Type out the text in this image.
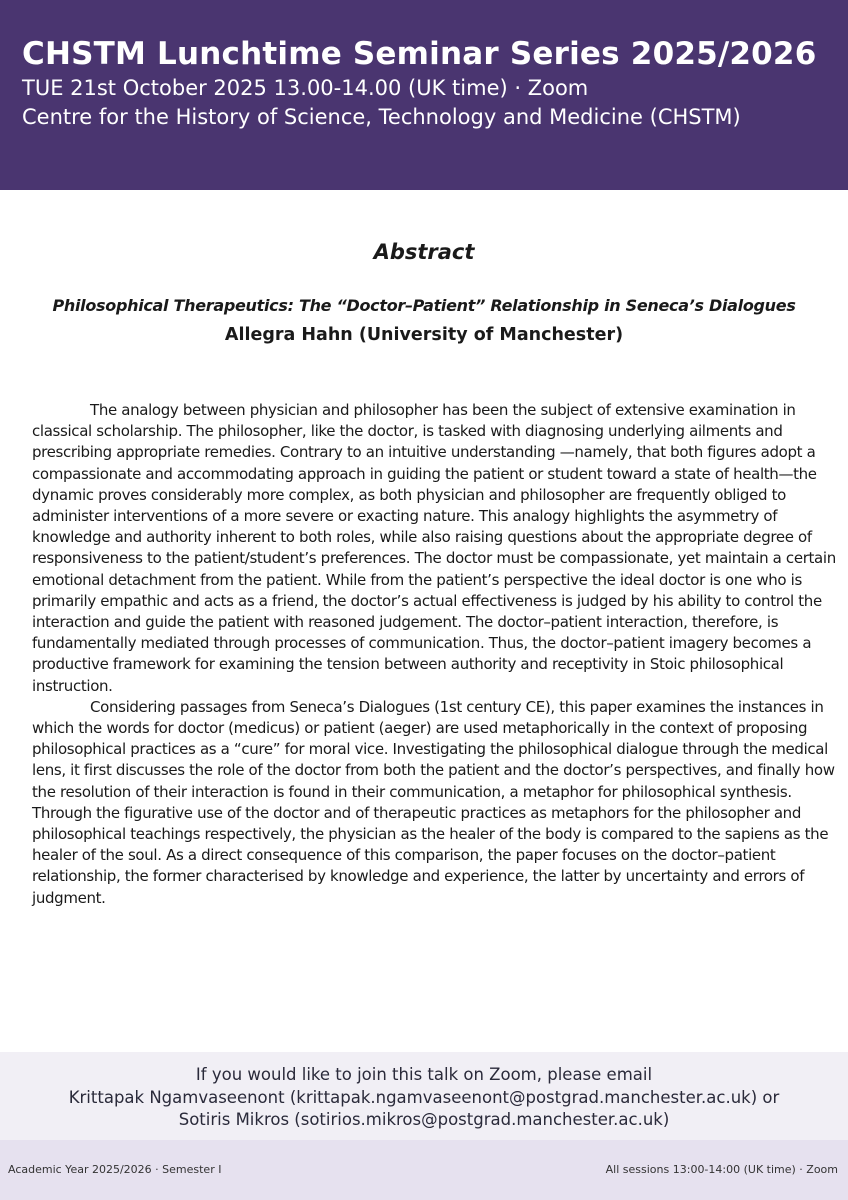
CHSTM Lunchtime Seminar Series 2025/2026
TUE 21st October 2025 13.00-14.00 (UK time) · Zoom
Centre for the History of Science, Technology and Medicine (CHSTM)
Abstract
Philosophical Therapeutics: The “Doctor–Patient” Relationship in Seneca’s Dialogues
Allegra Hahn (University of Manchester)

The analogy between physician and philosopher has been the subject of extensive examination in classical scholarship. The philosopher, like the doctor, is tasked with diagnosing underlying ailments and prescribing appropriate remedies. Contrary to an intuitive understanding —namely, that both figures adopt a compassionate and accommodating approach in guiding the patient or student toward a state of health—the dynamic proves considerably more complex, as both physician and philosopher are frequently obliged to administer interventions of a more severe or exacting nature. This analogy highlights the asymmetry of knowledge and authority inherent to both roles, while also raising questions about the appropriate degree of responsiveness to the patient/student’s preferences. The doctor must be compassionate, yet maintain a certain emotional detachment from the patient. While from the patient’s perspective the ideal doctor is one who is primarily empathic and acts as a friend, the doctor’s actual effectiveness is judged by his ability to control the interaction and guide the patient with reasoned judgement. The doctor–patient interaction, therefore, is fundamentally mediated through processes of communication. Thus, the doctor–patient imagery becomes a productive framework for examining the tension between authority and receptivity in Stoic philosophical instruction.

Considering passages from Seneca’s Dialogues (1st century CE), this paper examines the instances in which the words for doctor (medicus) or patient (aeger) are used metaphorically in the context of proposing philosophical practices as a “cure” for moral vice. Investigating the philosophical dialogue through the medical lens, it first discusses the role of the doctor from both the patient and the doctor’s perspectives, and finally how the resolution of their interaction is found in their communication, a metaphor for philosophical synthesis. Through the figurative use of the doctor and of therapeutic practices as metaphors for the philosopher and philosophical teachings respectively, the physician as the healer of the body is compared to the sapiens as the healer of the soul. As a direct consequence of this comparison, the paper focuses on the doctor–patient relationship, the former characterised by knowledge and experience, the latter by uncertainty and errors of judgment.

If you would like to join this talk on Zoom, please email
Krittapak Ngamvaseenont (krittapak.ngamvaseenont@postgrad.manchester.ac.uk) or
Sotiris Mikros (sotirios.mikros@postgrad.manchester.ac.uk)
Academic Year 2025/2026 · Semester I	All sessions 13:00-14:00 (UK time) · Zoom
